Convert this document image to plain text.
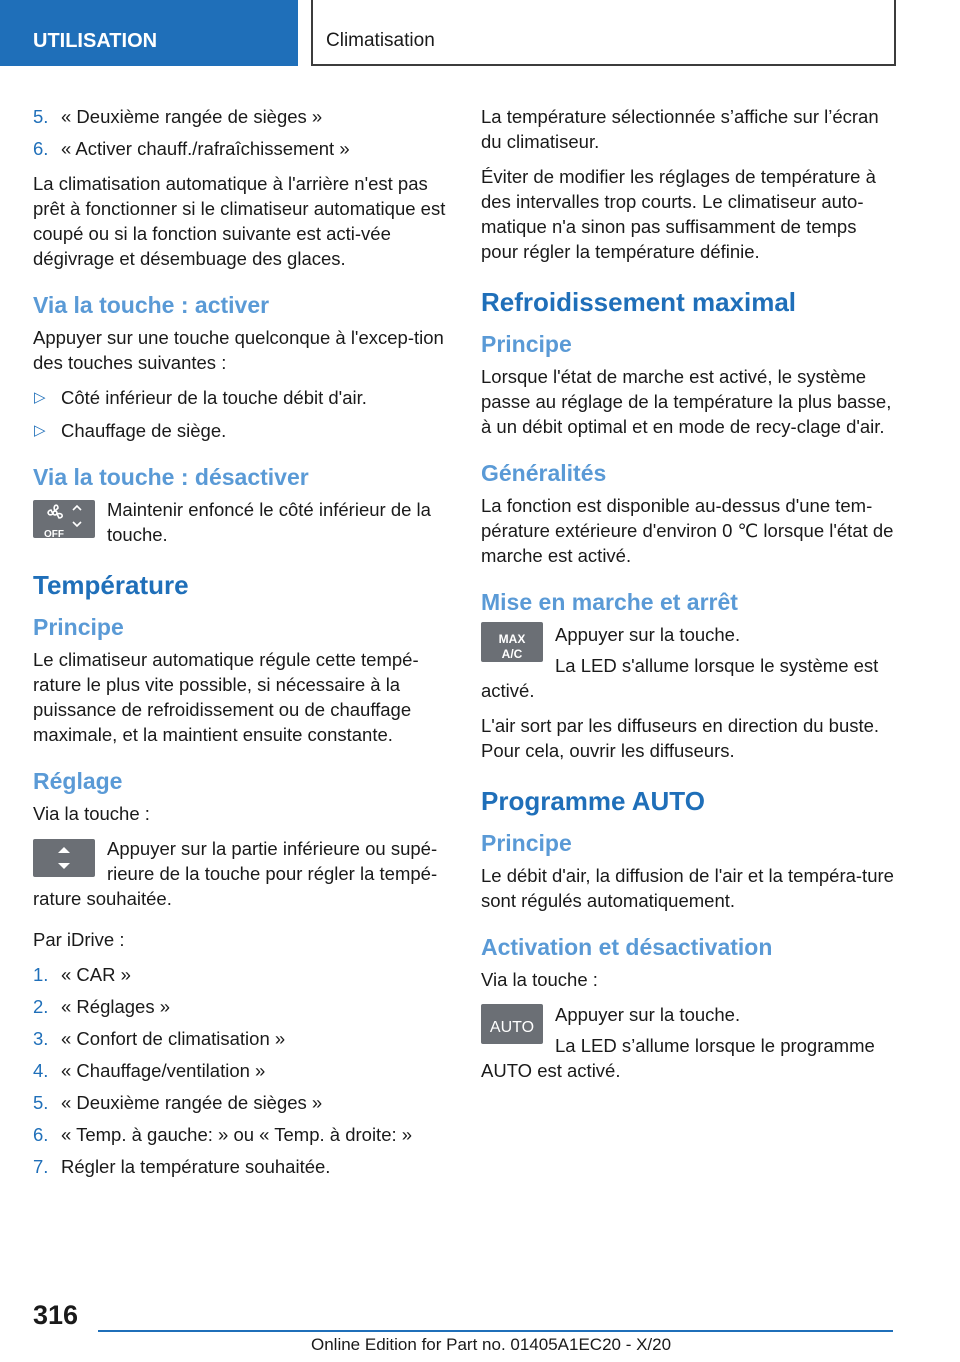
UTILISATION	Climatisation
5. « Deuxième rangée de sièges »
6. « Activer chauff./rafraîchissement »

La climatisation automatique à l'arrière n'est pas prêt à fonctionner si le climatiseur automatique est coupé ou si la fonction suivante est acti‐vée dégivrage et désembuage des glaces.

Via la touche : activer

Appuyer sur une touche quelconque à l'excep‐tion des touches suivantes :

▷ Côté inférieur de la touche débit d'air.
▷ Chauffage de siège.
Via la touche : désactiver
OFF
Maintenir enfoncé le côté inférieur de la touche.
Température
Principe

Le climatiseur automatique régule cette tempé‐rature le plus vite possible, si nécessaire à la puissance de refroidissement ou de chauffage maximale, et la maintient ensuite constante.

Réglage

Via la touche :

Appuyer sur la partie inférieure ou supé‐rieure de la touche pour régler la tempé‐
rature souhaitée.

Par iDrive :

1. « CAR »
2. « Réglages »
3. « Confort de climatisation »
4. « Chauffage/ventilation »
5. « Deuxième rangée de sièges »
6. « Temp. à gauche: » ou « Temp. à droite: »
7. Régler la température souhaitée.

La température sélectionnée s’affiche sur l’écran du climatiseur.

Éviter de modifier les réglages de température à des intervalles trop courts. Le climatiseur auto‐matique n'a sinon pas suffisamment de temps pour régler la température définie.

Refroidissement maximal
Principe

Lorsque l'état de marche est activé, le système passe au réglage de la température la plus basse, à un débit optimal et en mode de recy‐clage d'air.

Généralités

La fonction est disponible au-dessus d'une tem‐pérature extérieure d'environ 0 ℃ lorsque l'état de marche est activé.

Mise en marche et arrêt
MAX
A/C
Appuyer sur la touche.
La LED s'allume lorsque le système est
activé.

L'air sort par les diffuseurs en direction du buste. Pour cela, ouvrir les diffuseurs.

Programme AUTO
Principe

Le débit d'air, la diffusion de l'air et la tempéra‐ture sont régulés automatiquement.

Activation et désactivation

Via la touche :

AUTO
Appuyer sur la touche.
La LED s’allume lorsque le programme
AUTO est activé.
316
Online Edition for Part no. 01405A1EC20 - X/20
